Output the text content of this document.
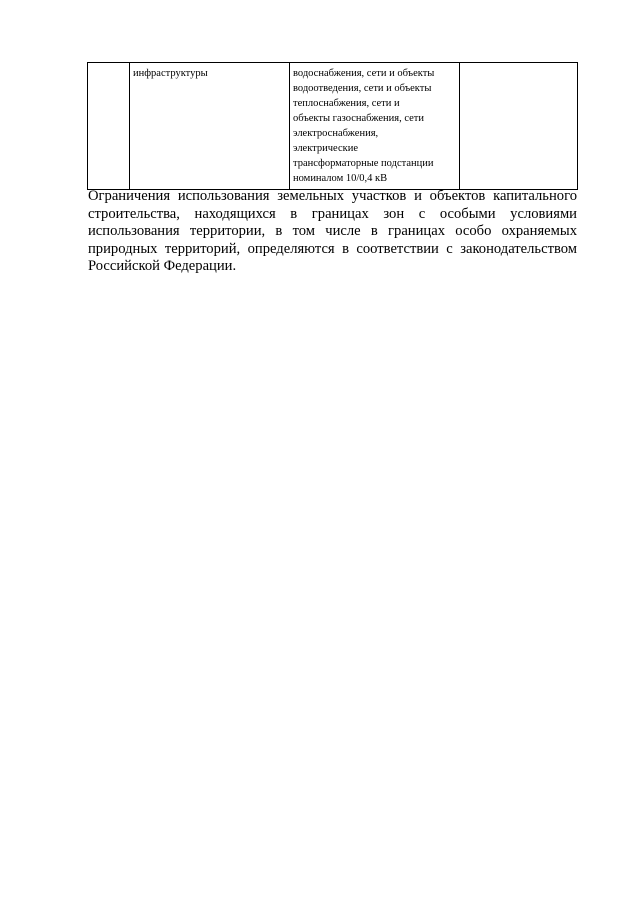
инфраструктуры	водоснабжения, сети и объекты
водоотведения, сети и объекты
теплоснабжения, сети и
объекты газоснабжения, сети
электроснабжения,
электрические
трансформаторные подстанции
номиналом 10/0,4 кВ

Ограничения использования земельных участков и объектов капитального строительства, находящихся в границах зон с особыми условиями использования территории, в том числе в границах особо охраняемых природных территорий, определяются в соответствии с законодательством Российской Федерации.
